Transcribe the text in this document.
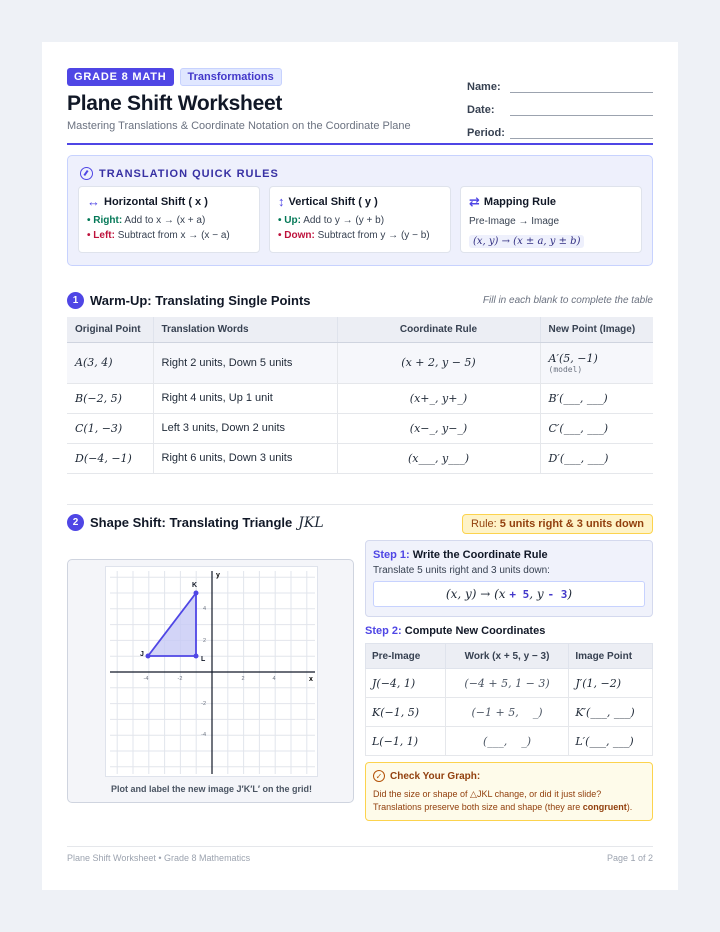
GRADE 8 MATH	Transformations
Plane Shift Worksheet
Mastering Translations & Coordinate Notation on the Coordinate Plane
Name:
Date:
Period:
TRANSLATION QUICK RULES
↔ Horizontal Shift ( x )
• Right: Add to x → (x + a)
• Left: Subtract from x → (x − a)
↕ Vertical Shift ( y )
• Up: Add to y → (y + b)
• Down: Subtract from y → (y − b)
⇄ Mapping Rule
Pre-Image → Image
(x, y) → (x ± a, y ± b)
1 Warm-Up: Translating Single Points	Fill in each blank to complete the table
Original Point	Translation Words	Coordinate Rule	New Point (Image)
A(3, 4)	Right 2 units, Down 5 units	(x + 2, y − 5)	A′(5, −1)
(model)

B(−2, 5)	Right 4 units, Up 1 unit	(x+_, y+_)	B′(___, ___)
C(1, −3)	Left 3 units, Down 2 units	(x−_, y−_)	C′(___, ___)
D(−4, −1)	Right 6 units, Down 3 units	(x___, y___)	D′(___, ___)
2 Shape Shift: Translating Triangle JKL	Rule: 5 units right & 3 units down
x
y
-4	-2	2	4
4
2
-2
-4
J
K
L
Plot and label the new image J′K′L′ on the grid!
Step 1: Write the Coordinate Rule
Translate 5 units right and 3 units down:
(x, y) → (x
+ 5 , y
- 3 )
Step 2: Compute New Coordinates
Pre-Image	Work (x + 5, y − 3)	Image Point
J(−4, 1)	(−4 + 5, 1 − 3)	J′(1, −2)
K(−1, 5)	(−1 + 5,    _)	K′(___, ___)
L(−1, 1)	(___,    _)	L′(___, ___)
✓ Check Your Graph:

Did the size or shape of △JKL change, or did it just slide?

Translations preserve both size and shape (they are congruent).

Plane Shift Worksheet • Grade 8 Mathematics	Page 1 of 2
